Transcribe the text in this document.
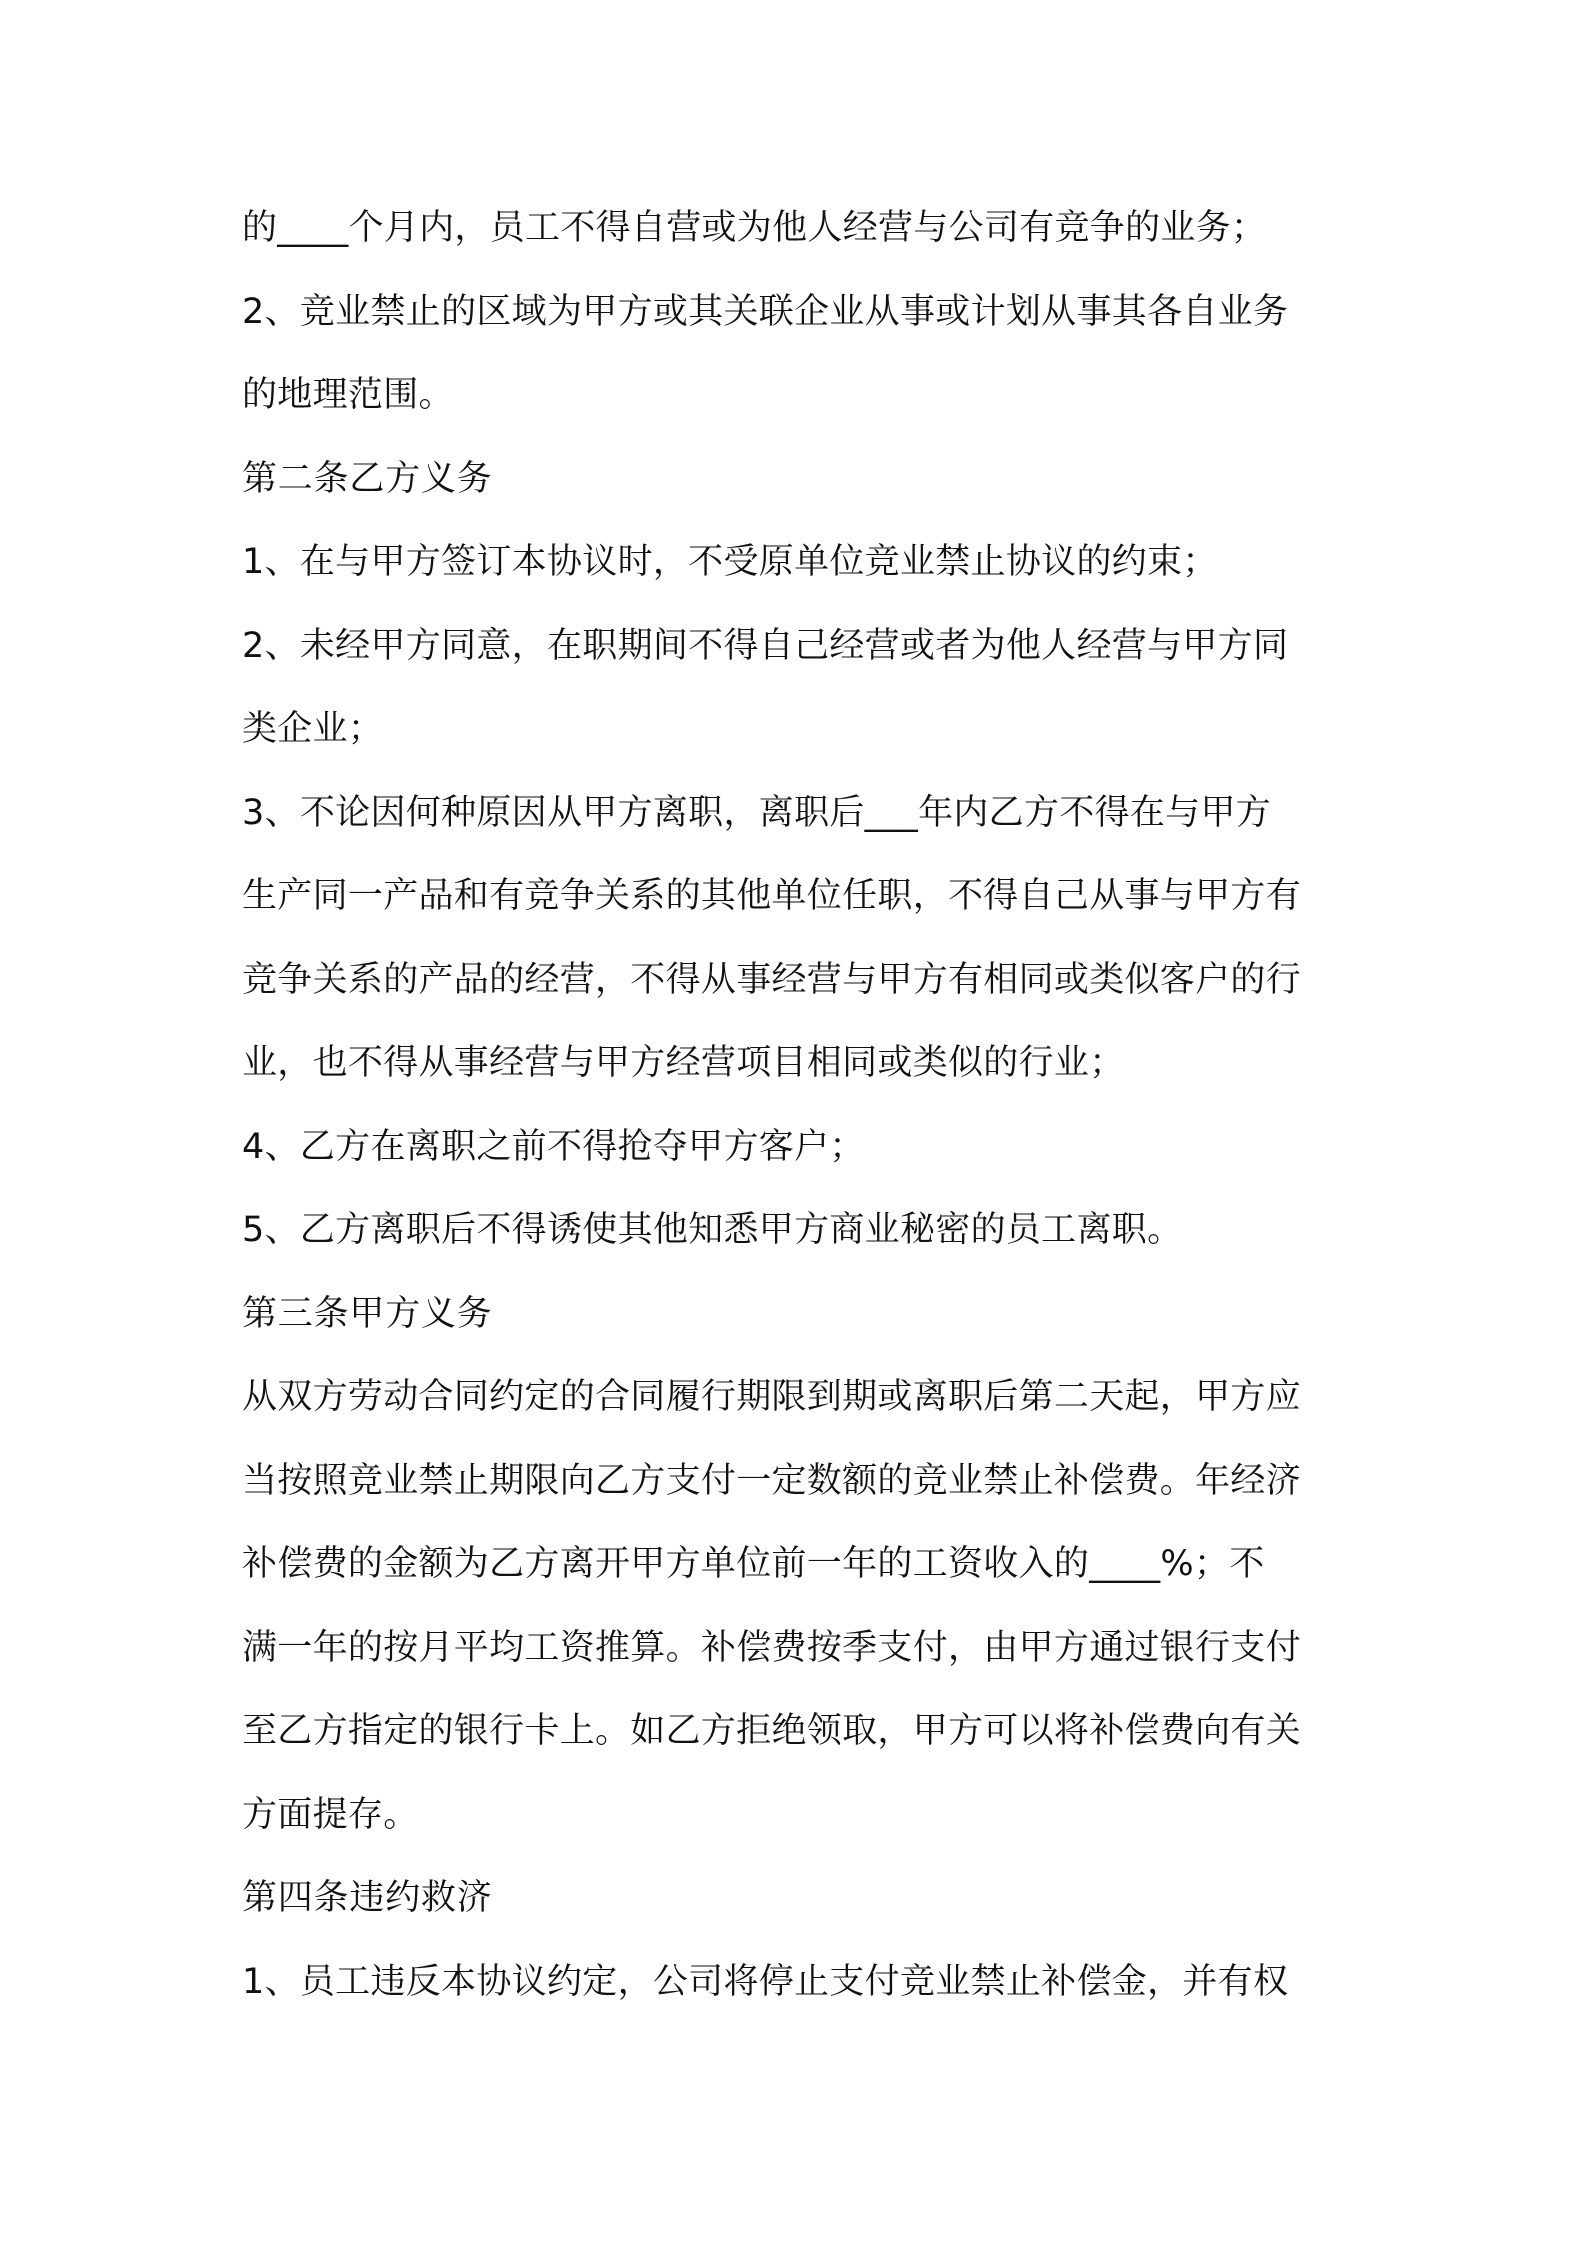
的____个月内，员工不得自营或为他人经营与公司有竞争的业务；
2、竞业禁止的区域为甲方或其关联企业从事或计划从事其各自业务
的地理范围。
第二条乙方义务
1、在与甲方签订本协议时，不受原单位竞业禁止协议的约束；
2、未经甲方同意，在职期间不得自己经营或者为他人经营与甲方同
类企业；
3、不论因何种原因从甲方离职，离职后___年内乙方不得在与甲方
生产同一产品和有竞争关系的其他单位任职，不得自己从事与甲方有
竞争关系的产品的经营，不得从事经营与甲方有相同或类似客户的行
业，也不得从事经营与甲方经营项目相同或类似的行业；
4、乙方在离职之前不得抢夺甲方客户；
5、乙方离职后不得诱使其他知悉甲方商业秘密的员工离职。
第三条甲方义务
从双方劳动合同约定的合同履行期限到期或离职后第二天起，甲方应
当按照竞业禁止期限向乙方支付一定数额的竞业禁止补偿费。年经济
补偿费的金额为乙方离开甲方单位前一年的工资收入的____%；不
满一年的按月平均工资推算。补偿费按季支付，由甲方通过银行支付
至乙方指定的银行卡上。如乙方拒绝领取，甲方可以将补偿费向有关
方面提存。
第四条违约救济
1、员工违反本协议约定，公司将停止支付竞业禁止补偿金，并有权
